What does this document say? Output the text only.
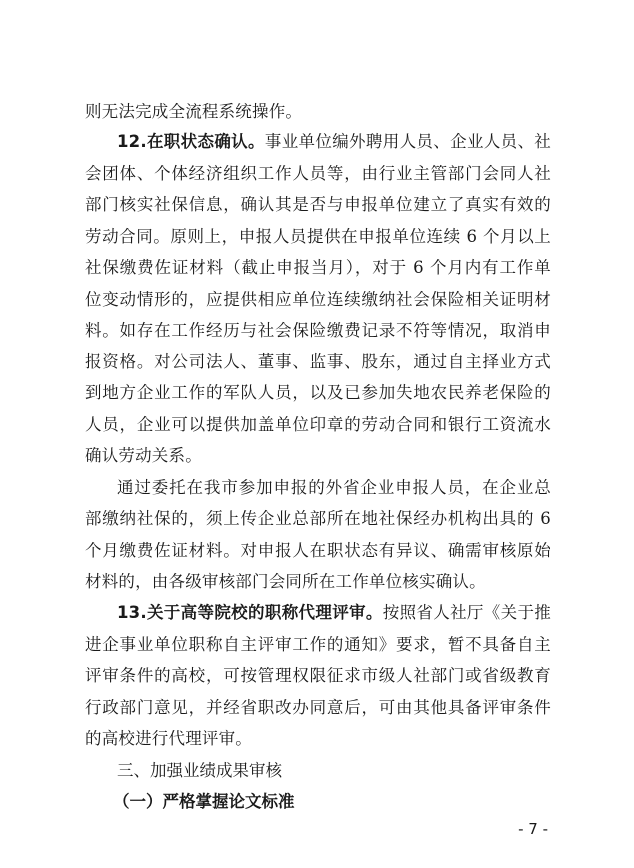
则无法完成全流程系统操作。
12.在职状态确认。事业单位编外聘用人员、企业人员、社
会团体、个体经济组织工作人员等，由行业主管部门会同人社
部门核实社保信息，确认其是否与申报单位建立了真实有效的
劳动合同。原则上，申报人员提供在申报单位连续 6 个月以上
社保缴费佐证材料（截止申报当月），对于 6 个月内有工作单
位变动情形的，应提供相应单位连续缴纳社会保险相关证明材
料。如存在工作经历与社会保险缴费记录不符等情况，取消申
报资格。对公司法人、董事、监事、股东，通过自主择业方式
到地方企业工作的军队人员，以及已参加失地农民养老保险的
人员，企业可以提供加盖单位印章的劳动合同和银行工资流水
确认劳动关系。
通过委托在我市参加申报的外省企业申报人员，在企业总
部缴纳社保的，须上传企业总部所在地社保经办机构出具的 6
个月缴费佐证材料。对申报人在职状态有异议、确需审核原始
材料的，由各级审核部门会同所在工作单位核实确认。
13.关于高等院校的职称代理评审。按照省人社厅《关于推
进企事业单位职称自主评审工作的通知》要求，暂不具备自主
评审条件的高校，可按管理权限征求市级人社部门或省级教育
行政部门意见，并经省职改办同意后，可由其他具备评审条件
的高校进行代理评审。
三、加强业绩成果审核
（一）严格掌握论文标准
- 7 -
